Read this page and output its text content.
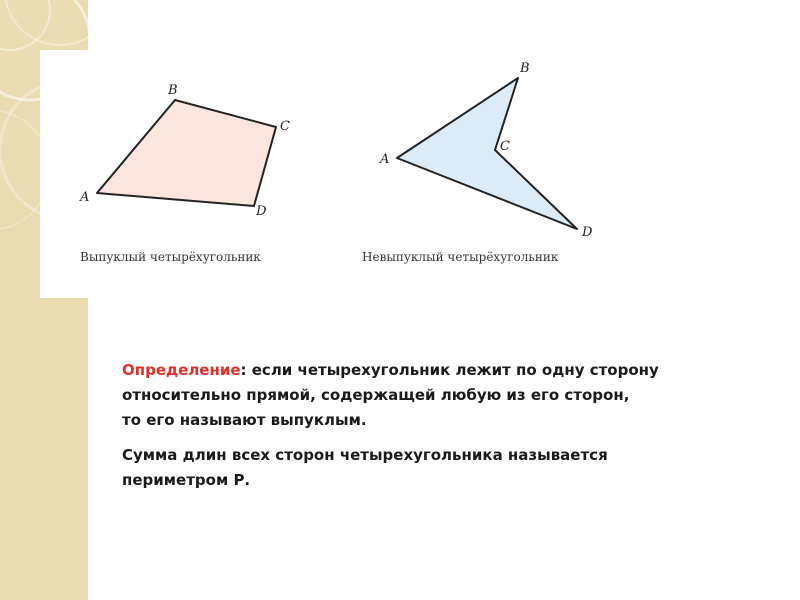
A
B
C
D
Выпуклый четырёхугольник
A
B
C
D
Невыпуклый четырёхугольник

Определение: если четырехугольник лежит по одну сторону
относительно прямой, содержащей любую из его сторон,
то его называют выпуклым.

Сумма длин всех сторон четырехугольника называется
периметром Р.
